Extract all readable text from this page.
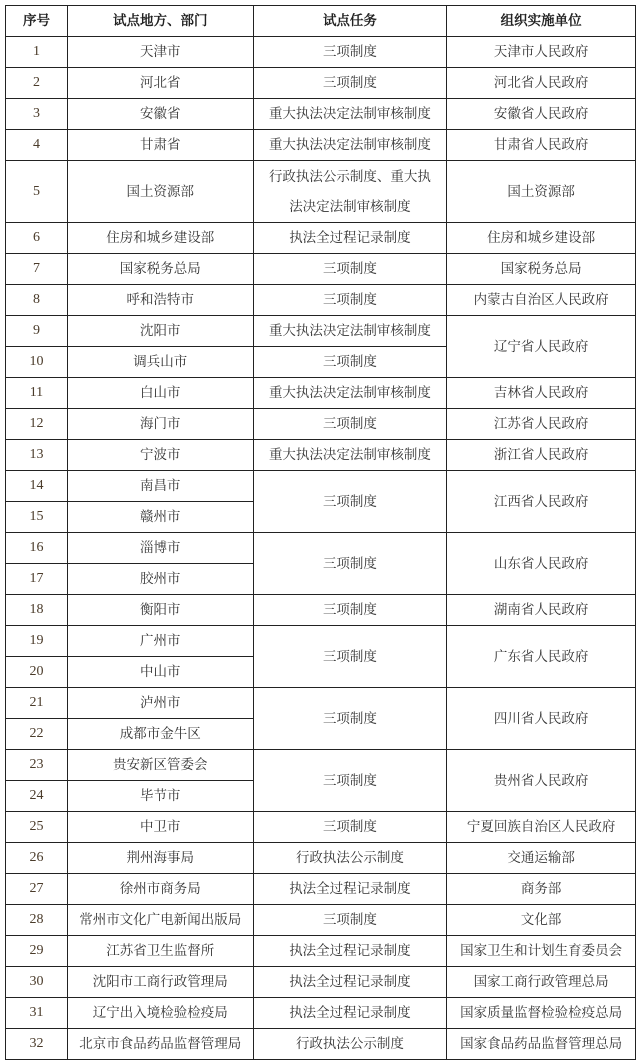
序号	试点地方、部门	试点任务	组织实施单位
1	天津市	三项制度	天津市人民政府
2	河北省	三项制度	河北省人民政府
3	安徽省	重大执法决定法制审核制度	安徽省人民政府
4	甘肃省	重大执法决定法制审核制度	甘肃省人民政府
5	国土资源部	行政执法公示制度、重大执法决定法制审核制度	国土资源部
6	住房和城乡建设部	执法全过程记录制度	住房和城乡建设部
7	国家税务总局	三项制度	国家税务总局
8	呼和浩特市	三项制度	内蒙古自治区人民政府
9	沈阳市	重大执法决定法制审核制度	辽宁省人民政府
10	调兵山市	三项制度	
11	白山市	重大执法决定法制审核制度	吉林省人民政府
12	海门市	三项制度	江苏省人民政府
13	宁波市	重大执法决定法制审核制度	浙江省人民政府
14	南昌市	三项制度	江西省人民政府
15	赣州市		
16	淄博市	三项制度	山东省人民政府
17	胶州市		
18	衡阳市	三项制度	湖南省人民政府
19	广州市	三项制度	广东省人民政府
20	中山市		
21	泸州市	三项制度	四川省人民政府
22	成都市金牛区		
23	贵安新区管委会	三项制度	贵州省人民政府
24	毕节市		
25	中卫市	三项制度	宁夏回族自治区人民政府
26	荆州海事局	行政执法公示制度	交通运输部
27	徐州市商务局	执法全过程记录制度	商务部
28	常州市文化广电新闻出版局	三项制度	文化部
29	江苏省卫生监督所	执法全过程记录制度	国家卫生和计划生育委员会
30	沈阳市工商行政管理局	执法全过程记录制度	国家工商行政管理总局
31	辽宁出入境检验检疫局	执法全过程记录制度	国家质量监督检验检疫总局
32	北京市食品药品监督管理局	行政执法公示制度	国家食品药品监督管理总局
